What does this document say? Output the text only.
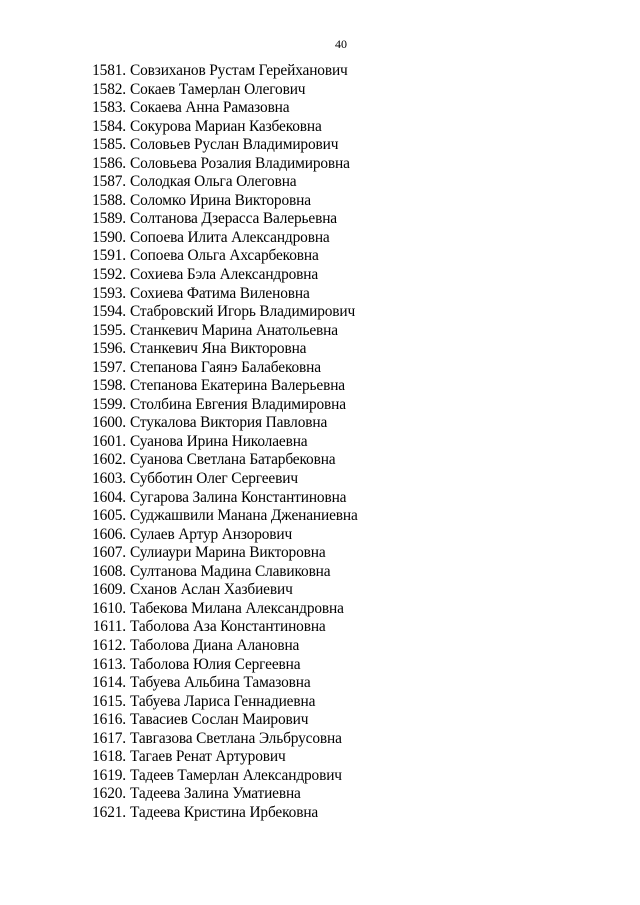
40
1581. Совзиханов Рустам Герейханович
1582. Сокаев Тамерлан Олегович
1583. Сокаева Анна Рамазовна
1584. Сокурова Мариан Казбековна
1585. Соловьев Руслан Владимирович
1586. Соловьева Розалия Владимировна
1587. Солодкая Ольга Олеговна
1588. Соломко Ирина Викторовна
1589. Солтанова Дзерасса Валерьевна
1590. Сопоева Илита Александровна
1591. Сопоева Ольга Ахсарбековна
1592. Сохиева Бэла Александровна
1593. Сохиева Фатима Виленовна
1594. Стабровский Игорь Владимирович
1595. Станкевич Марина Анатольевна
1596. Станкевич Яна Викторовна
1597. Степанова Гаянэ Балабековна
1598. Степанова Екатерина Валерьевна
1599. Столбина Евгения Владимировна
1600. Стукалова Виктория Павловна
1601. Суанова Ирина Николаевна
1602. Суанова Светлана Батарбековна
1603. Субботин Олег Сергеевич
1604. Сугарова Залина Константиновна
1605. Суджашвили Манана Дженаниевна
1606. Сулаев Артур Анзорович
1607. Сулиаури Марина Викторовна
1608. Султанова Мадина Славиковна
1609. Сханов Аслан Хазбиевич
1610. Табекова Милана Александровна
1611. Таболова Аза Константиновна
1612. Таболова Диана Алановна
1613. Таболова Юлия Сергеевна
1614. Табуева Альбина Тамазовна
1615. Табуева Лариса Геннадиевна
1616. Тавасиев Сослан Маирович
1617. Тавгазова Светлана Эльбрусовна
1618. Тагаев Ренат Артурович
1619. Тадеев Тамерлан Александрович
1620. Тадеева Залина Уматиевна
1621. Тадеева Кристина Ирбековна
